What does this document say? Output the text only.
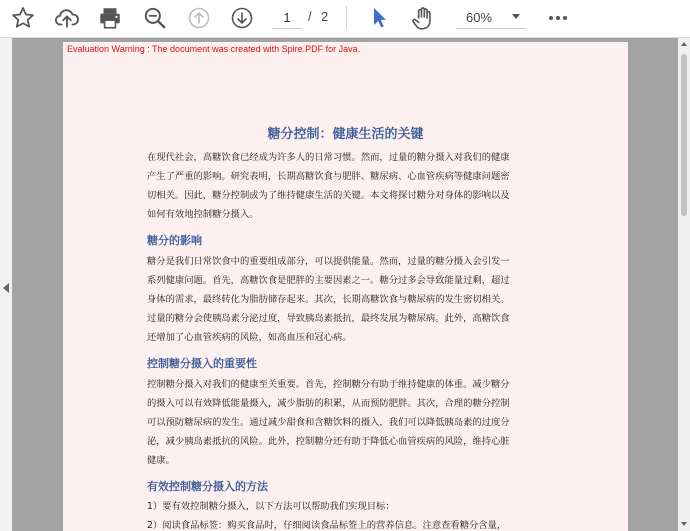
1
/ 2	60%
Evaluation Warning : The document was created with Spire.PDF for Java.
糖分控制：健康生活的关键

在现代社会，高糖饮食已经成为许多人的日常习惯。然而，过量的糖分摄入对我们的健康

产生了严重的影响。研究表明，长期高糖饮食与肥胖、糖尿病、心血管疾病等健康问题密

切相关。因此，糖分控制成为了维持健康生活的关键。本文将探讨糖分对身体的影响以及

如何有效地控制糖分摄入。

糖分的影响

糖分是我们日常饮食中的重要组成部分，可以提供能量。然而，过量的糖分摄入会引发一

系列健康问题。首先，高糖饮食是肥胖的主要因素之一。糖分过多会导致能量过剩，超过

身体的需求，最终转化为脂肪储存起来。其次，长期高糖饮食与糖尿病的发生密切相关。

过量的糖分会使胰岛素分泌过度，导致胰岛素抵抗，最终发展为糖尿病。此外，高糖饮食

还增加了心血管疾病的风险，如高血压和冠心病。

控制糖分摄入的重要性

控制糖分摄入对我们的健康至关重要。首先，控制糖分有助于维持健康的体重。减少糖分

的摄入可以有效降低能量摄入，减少脂肪的积累，从而预防肥胖。其次，合理的糖分控制

可以预防糖尿病的发生。通过减少甜食和含糖饮料的摄入，我们可以降低胰岛素的过度分

泌，减少胰岛素抵抗的风险。此外，控制糖分还有助于降低心血管疾病的风险，维持心脏

健康。

有效控制糖分摄入的方法

1）要有效控制糖分摄入，以下方法可以帮助我们实现目标：

2）阅读食品标签：购买食品时，仔细阅读食品标签上的营养信息。注意查看糖分含量，
